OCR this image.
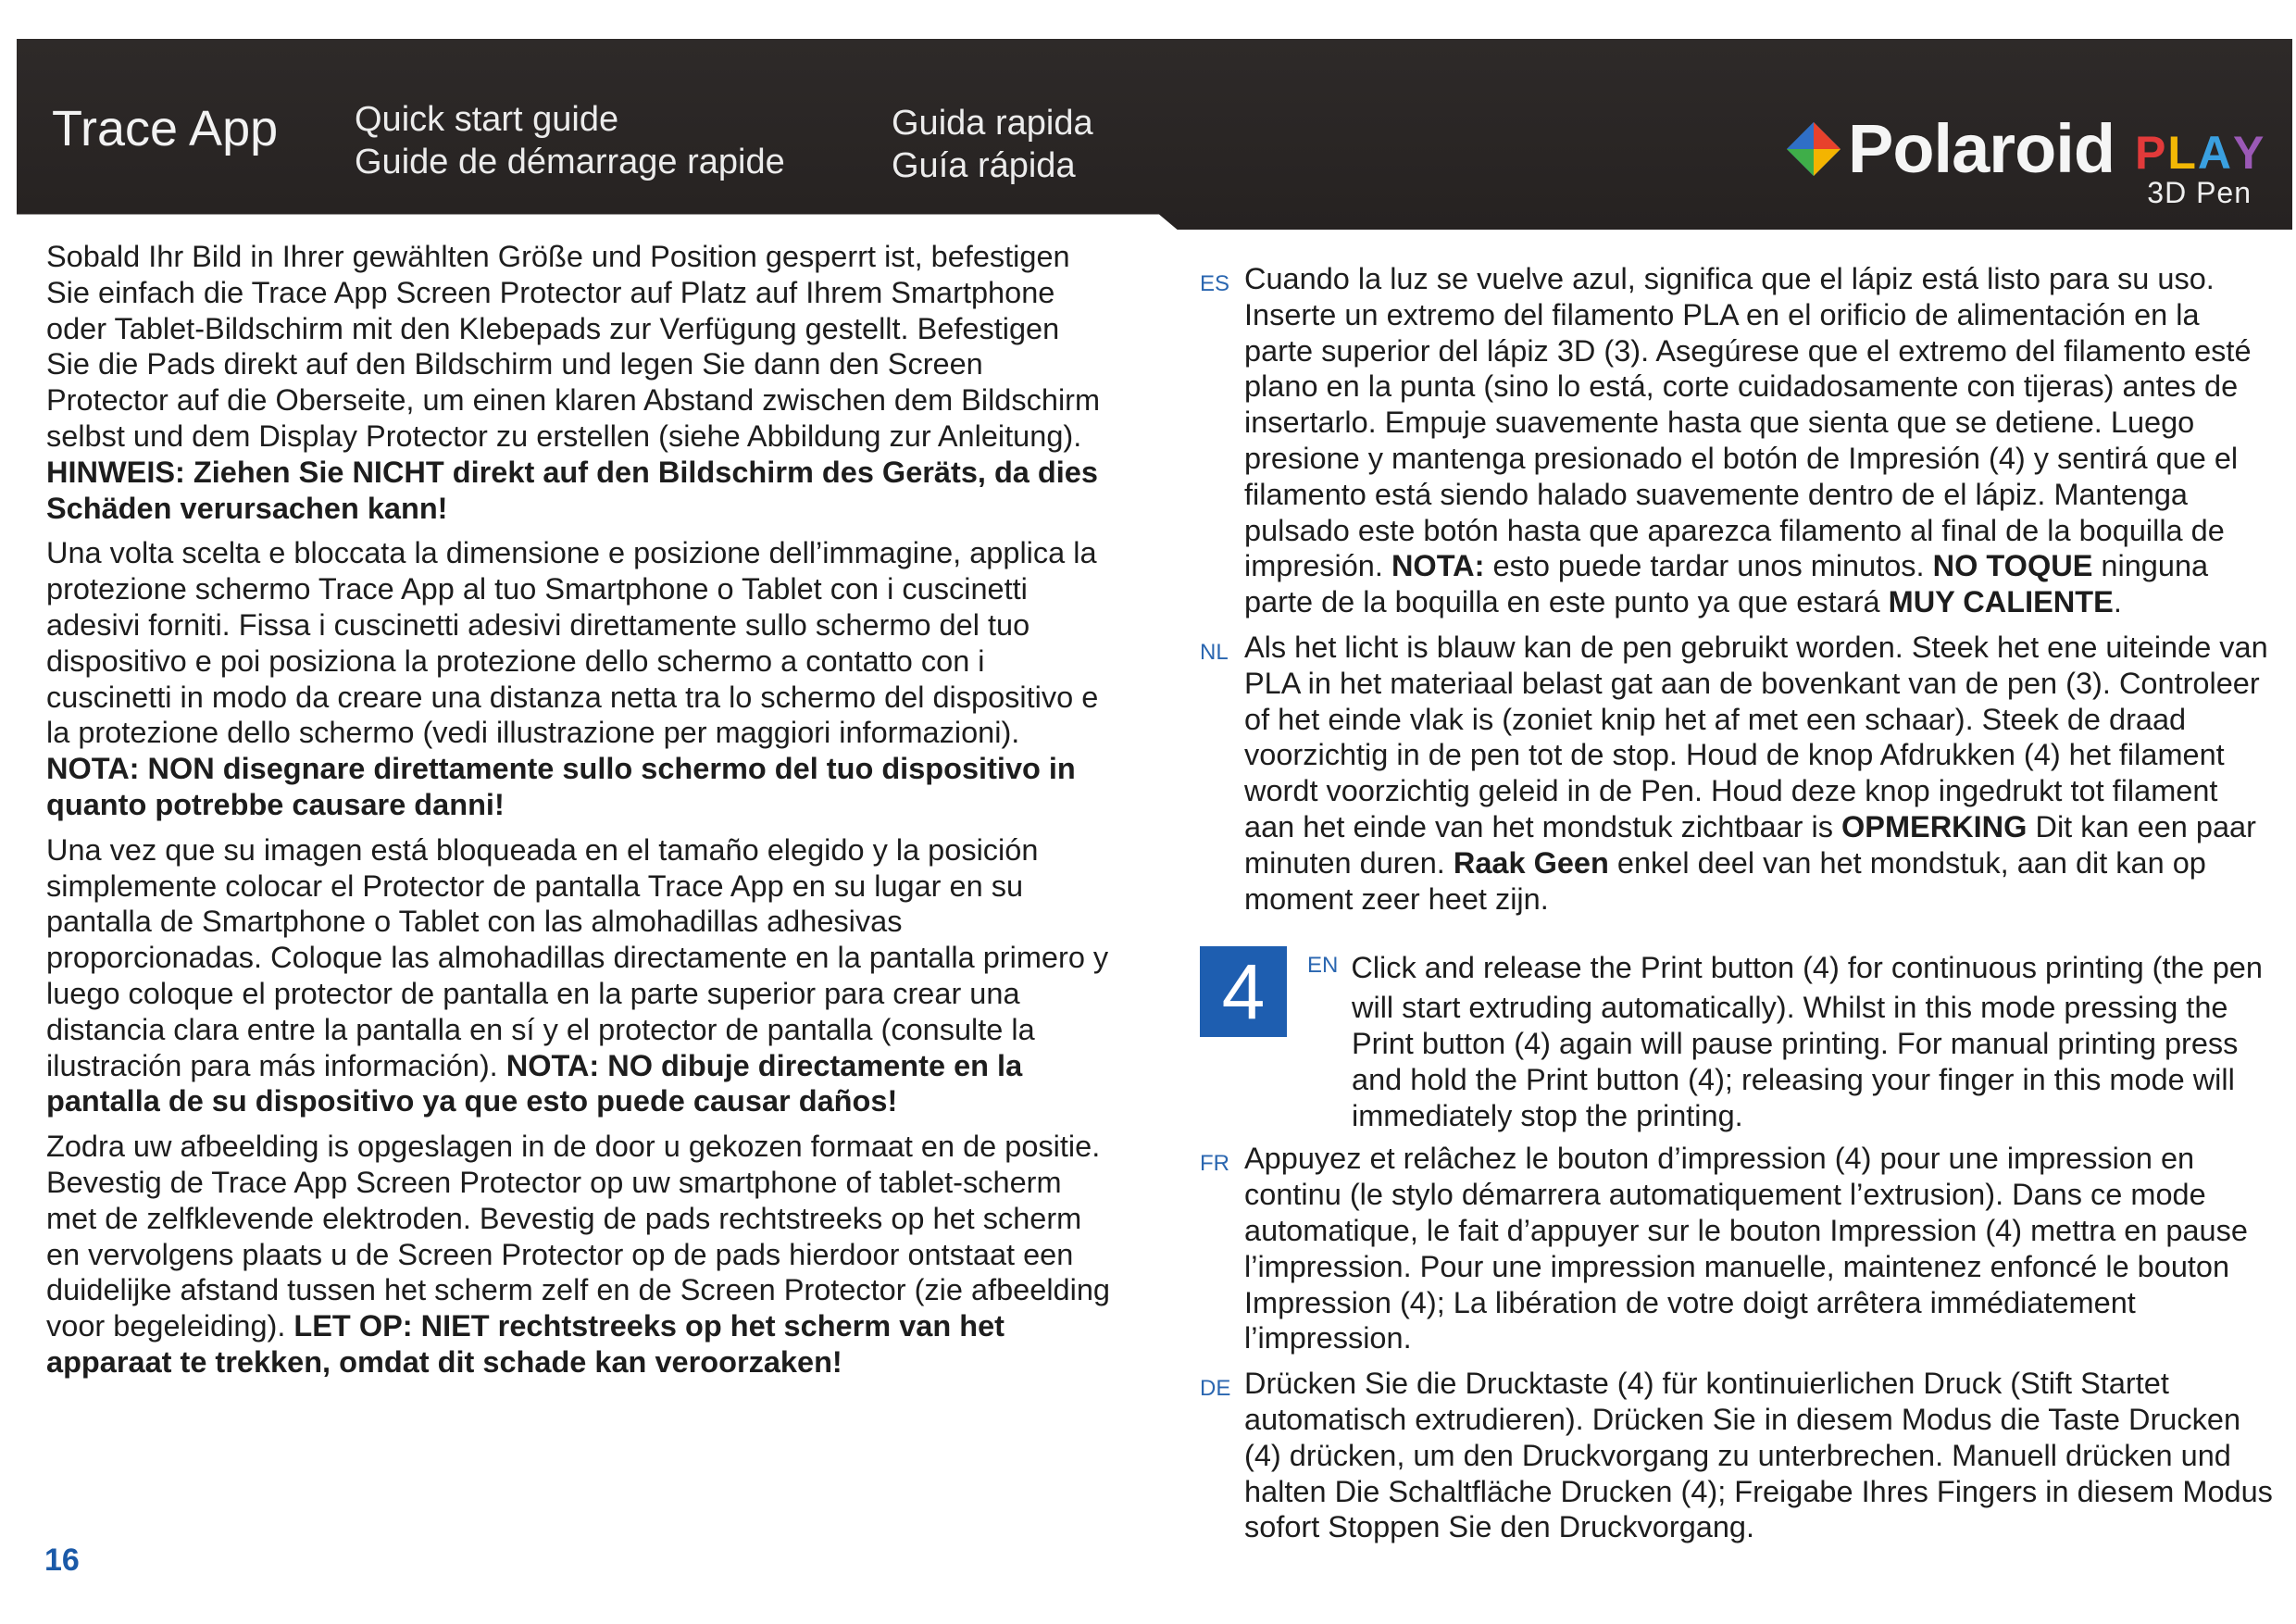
Trace App Quick start guide
Guide de démarrage rapide
Guida rapida
Guía rápida	Polaroid PLAY
3D Pen

Sobald Ihr Bild in Ihrer gewählten Größe und Position gesperrt ist, befestigen Sie einfach die Trace App Screen Protector auf Platz auf Ihrem Smartphone oder Tablet-Bildschirm mit den Klebepads zur Verfügung gestellt. Befestigen Sie die Pads direkt auf den Bildschirm und legen Sie dann den Screen Protector auf die Oberseite, um einen klaren Abstand zwischen dem Bildschirm selbst und dem Display Protector zu erstellen (siehe Abbildung zur Anleitung). HINWEIS: Ziehen Sie NICHT direkt auf den Bildschirm des Geräts, da dies Schäden verursachen kann!

Una volta scelta e bloccata la dimensione e posizione dell’immagine, applica la protezione schermo Trace App al tuo Smartphone o Tablet con i cuscinetti adesivi forniti. Fissa i cuscinetti adesivi direttamente sullo schermo del tuo dispositivo e poi posiziona la protezione dello schermo a contatto con i cuscinetti in modo da creare una distanza netta tra lo schermo del dispositivo e la protezione dello schermo (vedi illustrazione per maggiori informazioni). NOTA: NON disegnare direttamente sullo schermo del tuo dispositivo in quanto potrebbe causare danni!

Una vez que su imagen está bloqueada en el tamaño elegido y la posición simplemente colocar el Protector de pantalla Trace App en su lugar en su pantalla de Smartphone o Tablet con las almohadillas adhesivas proporcionadas. Coloque las almohadillas directamente en la pantalla primero y luego coloque el protector de pantalla en la parte superior para crear una distancia clara entre la pantalla en sí y el protector de pantalla (consulte la ilustración para más información). NOTA: NO dibuje directamente en la pantalla de su dispositivo ya que esto puede causar daños!

Zodra uw afbeelding is opgeslagen in de door u gekozen formaat en de positie. Bevestig de Trace App Screen Protector op uw smartphone of tablet-scherm met de zelfklevende elektroden. Bevestig de pads rechtstreeks op het scherm en vervolgens plaats u de Screen Protector op de pads hierdoor ontstaat een duidelijke afstand tussen het scherm zelf en de Screen Protector (zie afbeelding voor begeleiding). LET OP: NIET rechtstreeks op het scherm van het apparaat te trekken, omdat dit schade kan veroorzaken!

16
ES Cuando la luz se vuelve azul, significa que el lápiz está listo para su uso. Inserte un extremo del filamento PLA en el orificio de alimentación en la parte superior del lápiz 3D (3). Asegúrese que el extremo del filamento esté plano en la punta (sino lo está, corte cuidadosamente con tijeras) antes de insertarlo. Empuje suavemente hasta que sienta que se detiene. Luego presione y mantenga presionado el botón de Impresión (4) y sentirá que el filamento está siendo halado suavemente dentro de el lápiz. Mantenga pulsado este botón hasta que aparezca filamento al final de la boquilla de impresión. NOTA: esto puede tardar unos minutos. NO TOQUE ninguna parte de la boquilla en este punto ya que estará MUY CALIENTE.
NL Als het licht is blauw kan de pen gebruikt worden. Steek het ene uiteinde van PLA in het materiaal belast gat aan de bovenkant van de pen (3). Controleer of het einde vlak is (zoniet knip het af met een schaar). Steek de draad voorzichtig in de pen tot de stop. Houd de knop Afdrukken (4) het filament wordt voorzichtig geleid in de Pen. Houd deze knop ingedrukt tot filament aan het einde van het mondstuk zichtbaar is OPMERKING Dit kan een paar minuten duren. Raak Geen enkel deel van het mondstuk, aan dit kan op moment zeer heet zijn.
4	EN Click and release the Print button (4) for continuous printing (the pen will start extruding automatically). Whilst in this mode pressing the Print button (4) again will pause printing. For manual printing press and hold the Print button (4); releasing your finger in this mode will immediately stop the printing.
FR Appuyez et relâchez le bouton d’impression (4) pour une impression en continu (le stylo démarrera automatiquement l’extrusion). Dans ce mode automatique, le fait d’appuyer sur le bouton Impression (4) mettra en pause l’impression. Pour une impression manuelle, maintenez enfoncé le bouton Impression (4); La libération de votre doigt arrêtera immédiatement l’impression.
DE Drücken Sie die Drucktaste (4) für kontinuierlichen Druck (Stift Startet automatisch extrudieren). Drücken Sie in diesem Modus die Taste Drucken (4) drücken, um den Druckvorgang zu unterbrechen. Manuell drücken und halten Die Schaltfläche Drucken (4); Freigabe Ihres Fingers in diesem Modus sofort Stoppen Sie den Druckvorgang.
